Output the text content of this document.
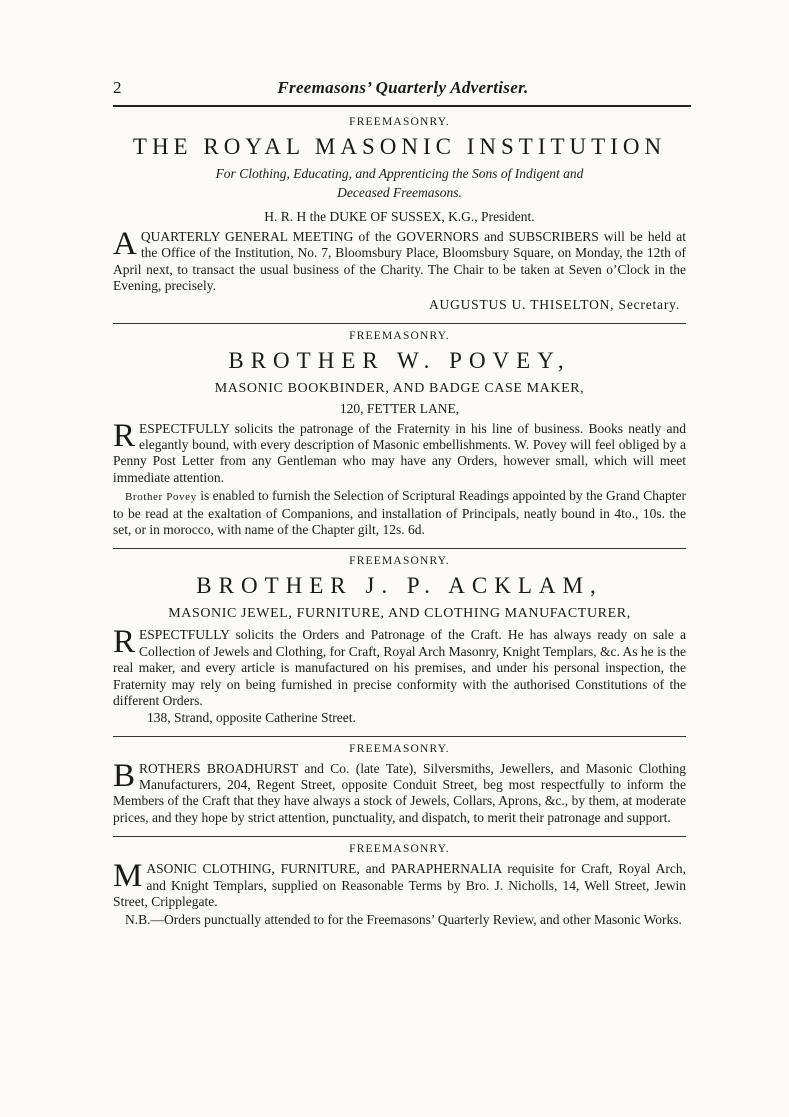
2	Freemasons’ Quarterly Advertiser.
FREEMASONRY.
THE ROYAL MASONIC INSTITUTION
For Clothing, Educating, and Apprenticing the Sons of Indigent and
Deceased Freemasons.
H. R. H the DUKE OF SUSSEX, K.G., President.

A QUARTERLY GENERAL MEETING of the GOVERNORS and SUBSCRIBERS will be held at the Office of the Institution, No. 7, Bloomsbury Place, Bloomsbury Square, on Monday, the 12th of April next, to transact the usual business of the Charity. The Chair to be taken at Seven o’Clock in the Evening, precisely.

AUGUSTUS U. THISELTON, Secretary.
FREEMASONRY.
BROTHER W. POVEY,
MASONIC BOOKBINDER, AND BADGE CASE MAKER,
120, FETTER LANE,

RESPECTFULLY solicits the patronage of the Fraternity in his line of business. Books neatly and elegantly bound, with every description of Masonic embellishments. W. Povey will feel obliged by a Penny Post Letter from any Gentleman who may have any Orders, however small, which will meet immediate attention.

Brother Povey is enabled to furnish the Selection of Scriptural Readings appointed by the Grand Chapter to be read at the exaltation of Companions, and installation of Principals, neatly bound in 4to., 10s. the set, or in morocco, with name of the Chapter gilt, 12s. 6d.

FREEMASONRY.
BROTHER J. P. ACKLAM,
MASONIC JEWEL, FURNITURE, AND CLOTHING MANUFACTURER,

RESPECTFULLY solicits the Orders and Patronage of the Craft. He has always ready on sale a Collection of Jewels and Clothing, for Craft, Royal Arch Masonry, Knight Templars, &c. As he is the real maker, and every article is manufactured on his premises, and under his personal inspection, the Fraternity may rely on being furnished in precise conformity with the authorised Constitutions of the different Orders.

138, Strand, opposite Catherine Street.
FREEMASONRY.

BROTHERS BROADHURST and Co. (late Tate), Silversmiths, Jewellers, and Masonic Clothing Manufacturers, 204, Regent Street, opposite Conduit Street, beg most respectfully to inform the Members of the Craft that they have always a stock of Jewels, Collars, Aprons, &c., by them, at moderate prices, and they hope by strict attention, punctuality, and dispatch, to merit their patronage and support.

FREEMASONRY.

MASONIC CLOTHING, FURNITURE, and PARAPHERNALIA requisite for Craft, Royal Arch, and Knight Templars, supplied on Reasonable Terms by Bro. J. Nicholls, 14, Well Street, Jewin Street, Cripplegate.

N.B.—Orders punctually attended to for the Freemasons’ Quarterly Review, and other Masonic Works.
